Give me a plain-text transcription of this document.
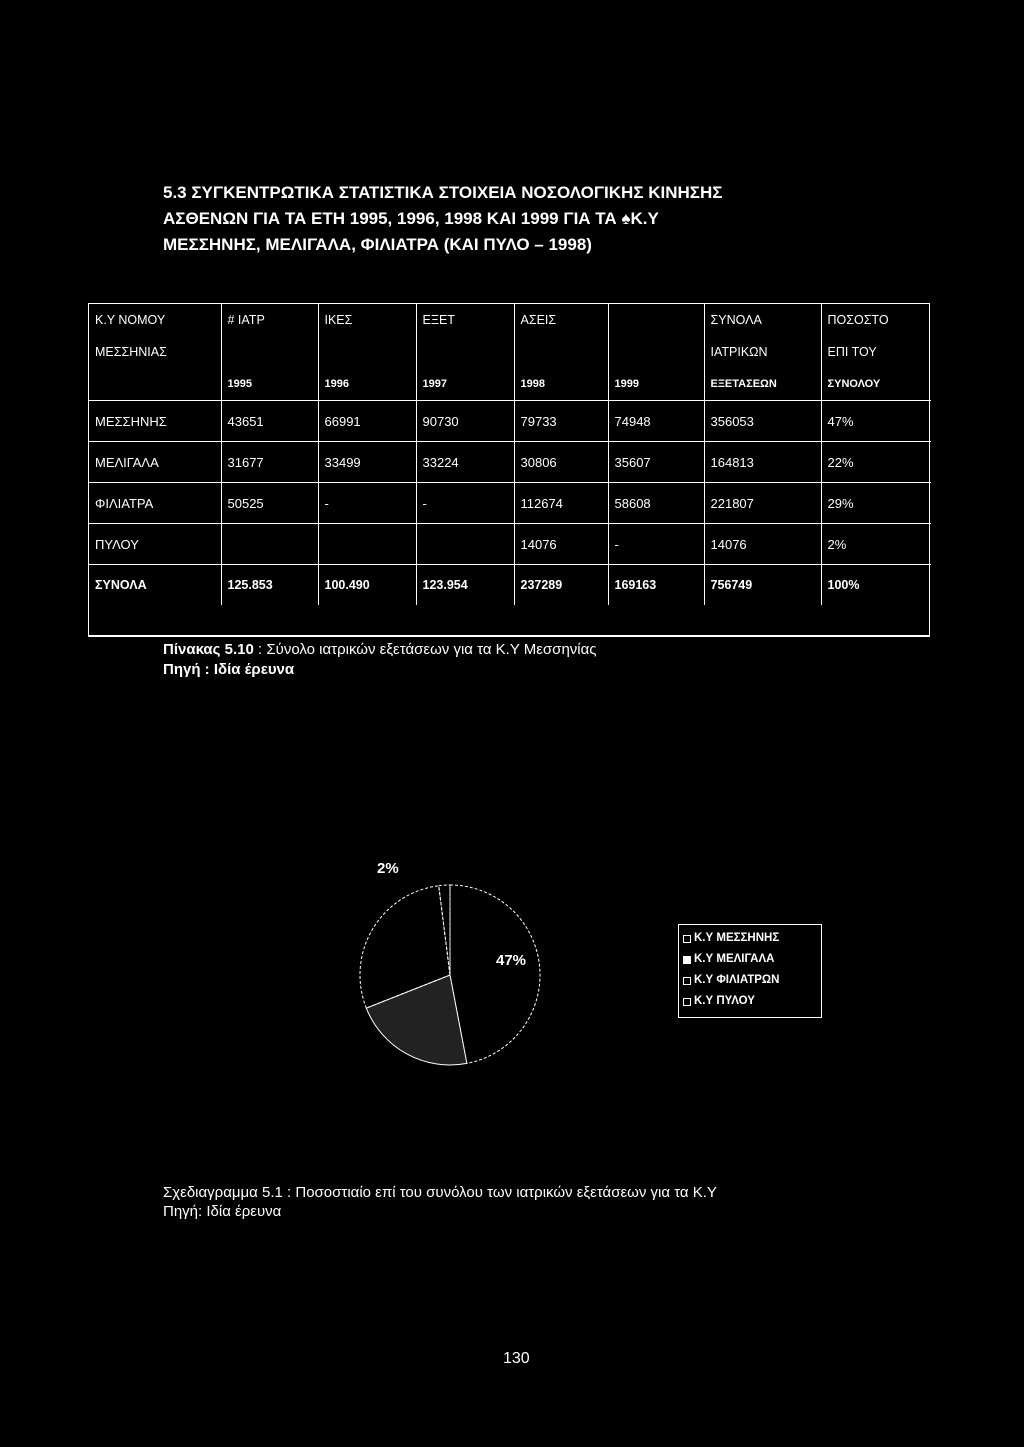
5.3 ΣΥΓΚΕΝΤΡΩΤΙΚΑ ΣΤΑΤΙΣΤΙΚΑ ΣΤΟΙΧΕΙΑ ΝΟΣΟΛΟΓΙΚΗΣ ΚΙΝΗΣΗΣ
ΑΣΘΕΝΩΝ ΓΙΑ ΤΑ ΕΤΗ 1995, 1996, 1998 ΚΑΙ 1999 ΓΙΑ ΤΑ ♠Κ.Υ
ΜΕΣΣΗΝΗΣ, ΜΕΛΙΓΑΛΑ, ΦΙΛΙΑΤΡΑ (ΚΑΙ ΠΥΛΟ – 1998)
Κ.Υ ΝΟΜΟΥ	# ΙΑΤΡ	ΙΚΕΣ	ΕΞΕΤ	ΑΣΕΙΣ		ΣΥΝΟΛΑ	ΠΟΣΟΣΤΟ
ΜΕΣΣΗΝΙΑΣ						ΙΑΤΡΙΚΩΝ	ΕΠΙ ΤΟΥ
	1995	1996	1997	1998	1999	ΕΞΕΤΑΣΕΩΝ	ΣΥΝΟΛΟΥ
ΜΕΣΣΗΝΗΣ	43651	66991	90730	79733	74948	356053	47%
ΜΕΛΙΓΑΛΑ	31677	33499	33224	30806	35607	164813	22%
ΦΙΛΙΑΤΡΑ	50525	-	-	112674	58608	221807	29%
ΠΥΛΟΥ				14076	-	14076	2%
ΣΥΝΟΛΑ	125.853	100.490	123.954	237289	169163	756749	100%
Πίνακας 5.10 : Σύνολο ιατρικών εξετάσεων για τα Κ.Υ Μεσσηνίας
Πηγή : Ιδία έρευνα
2%
47%
Κ.Υ ΜΕΣΣΗΝΗΣ
Κ.Υ ΜΕΛΙΓΑΛΑ
Κ.Υ ΦΙΛΙΑΤΡΩΝ
Κ.Υ ΠΥΛΟΥ
Σχεδιαγραμμα 5.1 : Ποσοστιαίο επί του συνόλου των ιατρικών εξετάσεων για τα Κ.Υ
Πηγή: Ιδία έρευνα
130
